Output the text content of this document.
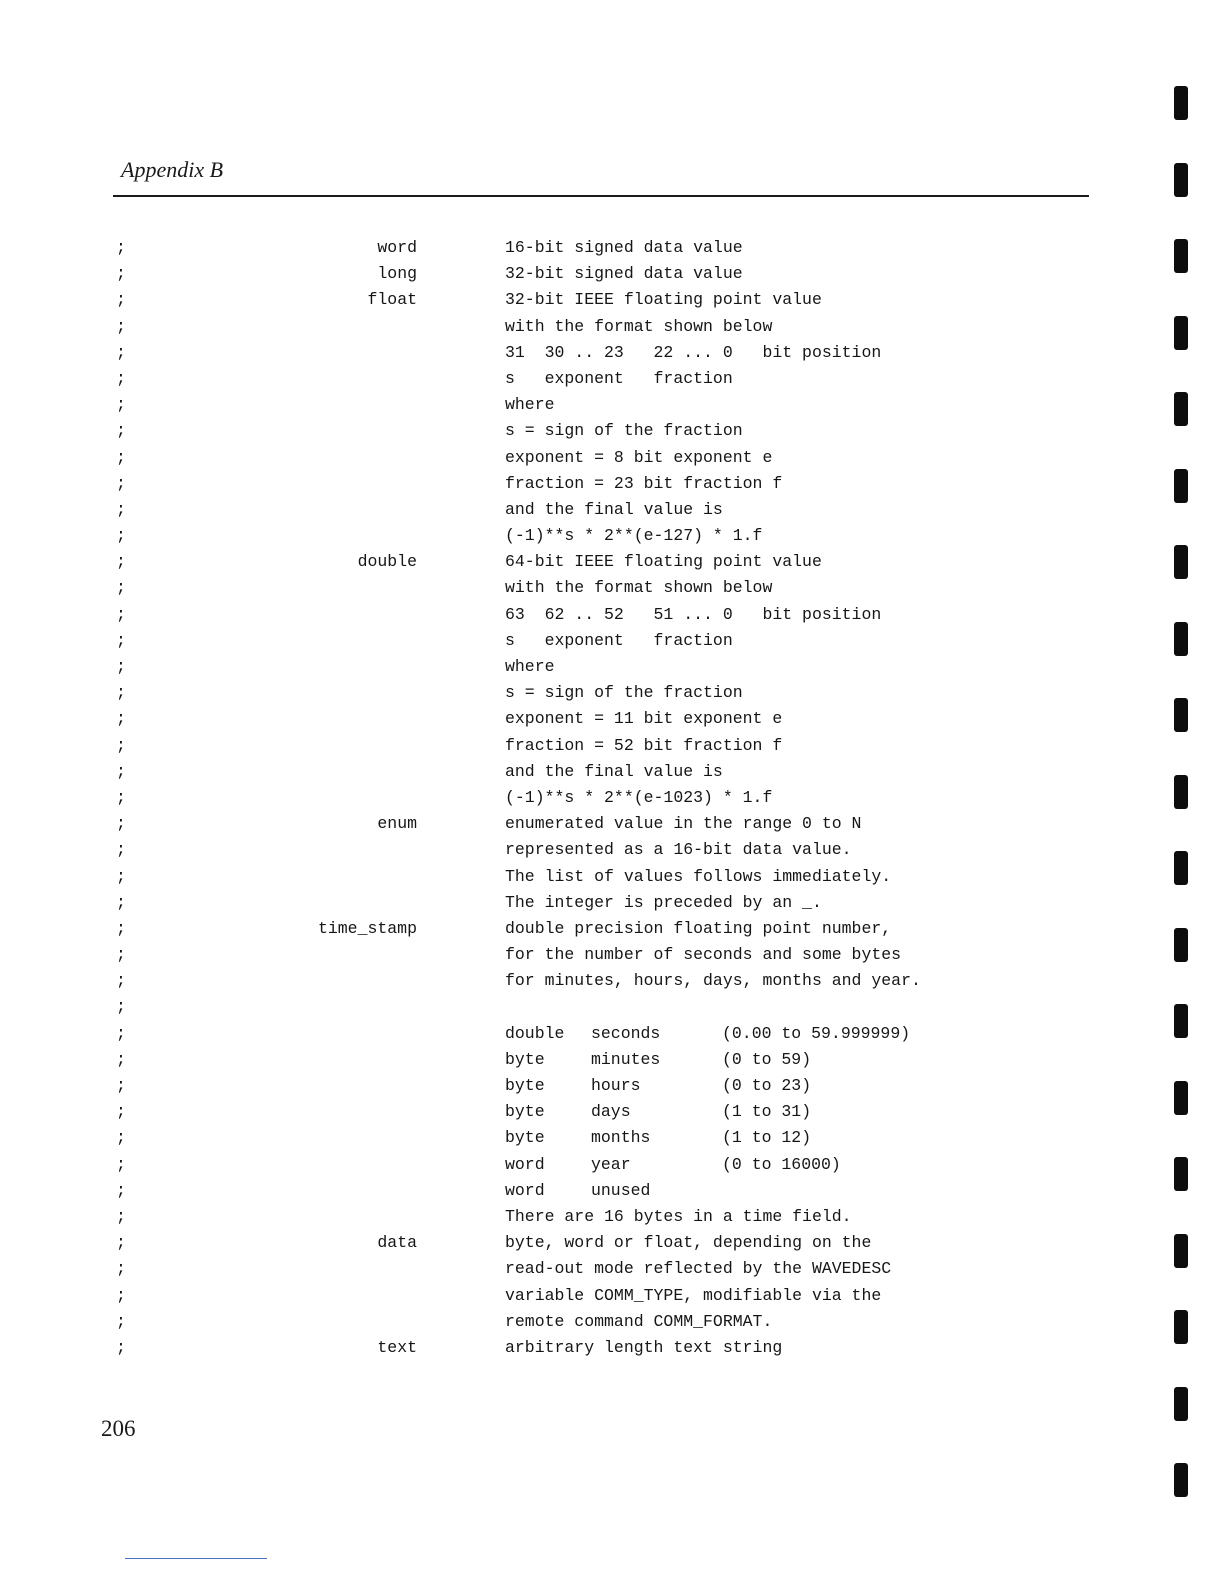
Appendix B
;	word	16-bit signed data value
;	long	32-bit signed data value
;	float	32-bit IEEE floating point value
;	with the format shown below
;	31  30 .. 23   22 ... 0   bit position
;	s   exponent   fraction
;	where
;	s = sign of the fraction
;	exponent = 8 bit exponent e
;	fraction = 23 bit fraction f
;	and the final value is
;	(-1)**s * 2**(e-127) * 1.f
;	double	64-bit IEEE floating point value
;	with the format shown below
;	63  62 .. 52   51 ... 0   bit position
;	s   exponent   fraction
;	where
;	s = sign of the fraction
;	exponent = 11 bit exponent e
;	fraction = 52 bit fraction f
;	and the final value is
;	(-1)**s * 2**(e-1023) * 1.f
;	enum	enumerated value in the range 0 to N
;	represented as a 16-bit data value.
;	The list of values follows immediately.
;	The integer is preceded by an _.
;	time_stamp	double precision floating point number,
;	for the number of seconds and some bytes
;	for minutes, hours, days, months and year.
;
;	double seconds	(0.00 to 59.999999)
;	byte	minutes	(0 to 59)
;	byte	hours	(0 to 23)
;	byte	days	(1 to 31)
;	byte	months	(1 to 12)
;	word	year	(0 to 16000)
;	word	unused
;	There are 16 bytes in a time field.
;	data	byte, word or float, depending on the
;	read-out mode reflected by the WAVEDESC
;	variable COMM_TYPE, modifiable via the
;	remote command COMM_FORMAT.
;	text	arbitrary length text string
206
